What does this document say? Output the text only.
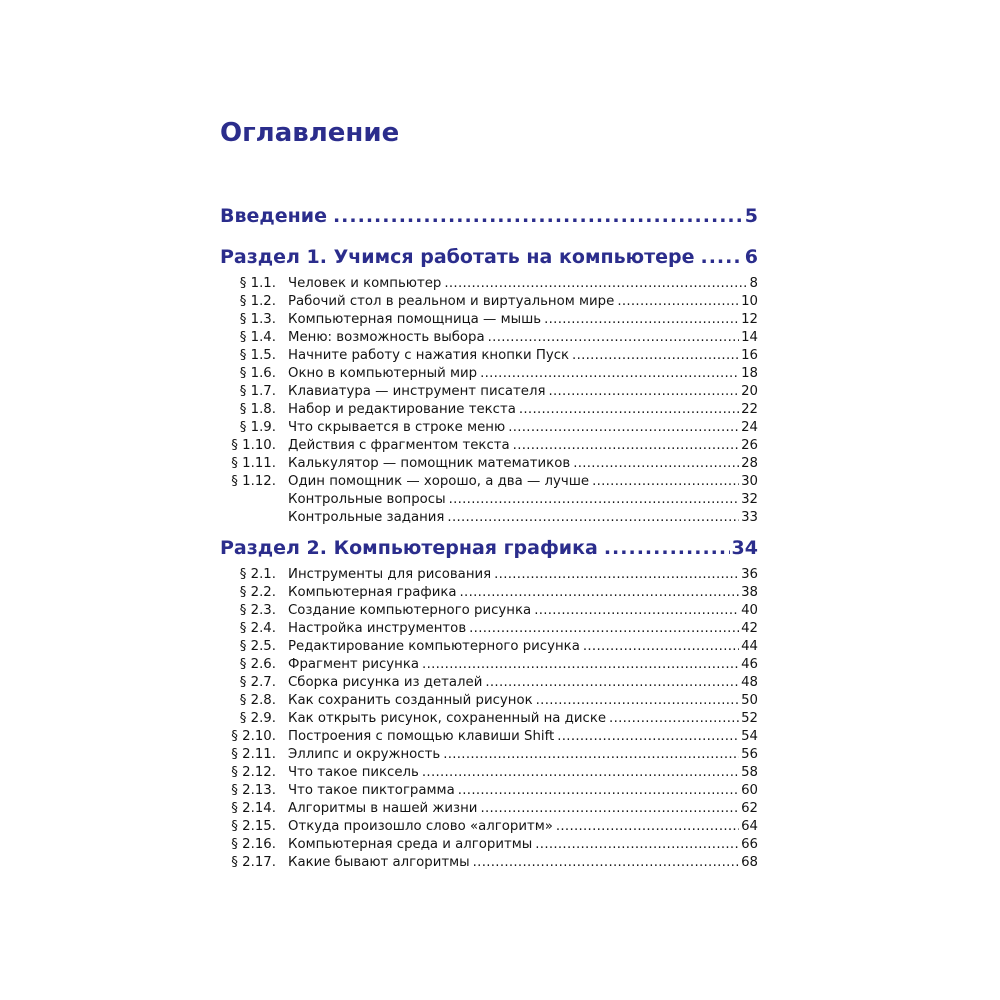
Оглавление
Введение .....	5
Раздел 1. Учимся работать на компьютере .....	6
§ 1.1. Человек и компьютер .....	8
§ 1.2. Рабочий стол в реальном и виртуальном мире .....	10
§ 1.3. Компьютерная помощница — мышь .....	12
§ 1.4. Меню: возможность выбора .....	14
§ 1.5. Начните работу с нажатия кнопки Пуск .....	16
§ 1.6. Окно в компьютерный мир .....	18
§ 1.7. Клавиатура — инструмент писателя .....	20
§ 1.8. Набор и редактирование текста .....	22
§ 1.9. Что скрывается в строке меню .....	24
§ 1.10. Действия с фрагментом текста .....	26
§ 1.11. Калькулятор — помощник математиков .....	28
§ 1.12. Один помощник — хорошо, а два — лучше .....	30
Контрольные вопросы .....	32
Контрольные задания .....	33
Раздел 2. Компьютерная графика .....	34
§ 2.1. Инструменты для рисования .....	36
§ 2.2. Компьютерная графика .....	38
§ 2.3. Создание компьютерного рисунка .....	40
§ 2.4. Настройка инструментов .....	42
§ 2.5. Редактирование компьютерного рисунка .....	44
§ 2.6. Фрагмент рисунка .....	46
§ 2.7. Сборка рисунка из деталей .....	48
§ 2.8. Как сохранить созданный рисунок .....	50
§ 2.9. Как открыть рисунок, сохраненный на диске .....	52
§ 2.10. Построения с помощью клавиши Shift .....	54
§ 2.11. Эллипс и окружность .....	56
§ 2.12. Что такое пиксель .....	58
§ 2.13. Что такое пиктограмма .....	60
§ 2.14. Алгоритмы в нашей жизни .....	62
§ 2.15. Откуда произошло слово «алгоритм» .....	64
§ 2.16. Компьютерная среда и алгоритмы .....	66
§ 2.17. Какие бывают алгоритмы .....	68
